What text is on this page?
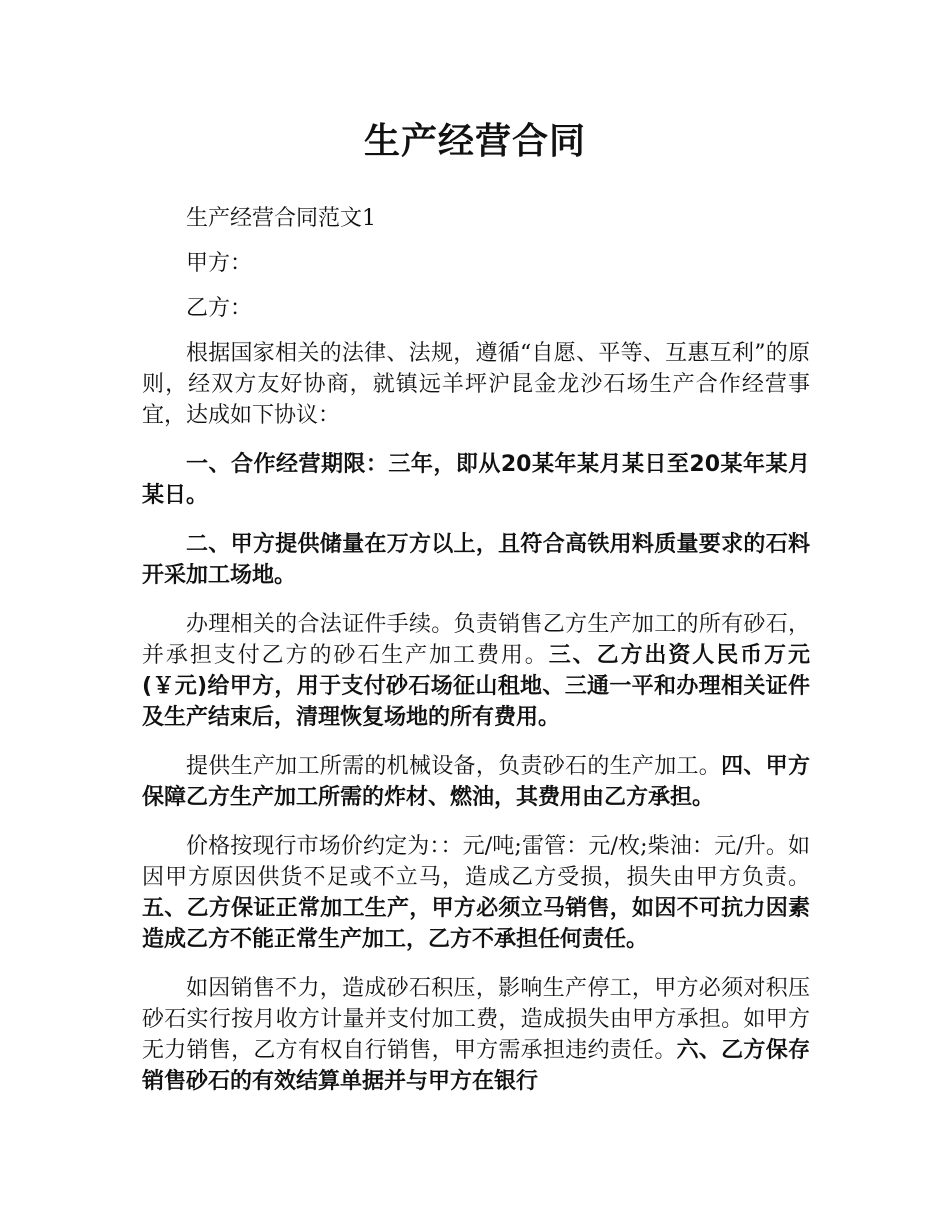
生产经营合同

生产经营合同范文1

甲方：

乙方：

根据国家相关的法律、法规，遵循“自愿、平等、互惠互利”的原则，经双方友好协商，就镇远羊坪沪昆金龙沙石场生产合作经营事宜，达成如下协议：

一、合作经营期限：三年，即从20某年某月某日至20某年某月某日。

二、甲方提供储量在万方以上，且符合高铁用料质量要求的石料开采加工场地。

办理相关的合法证件手续。负责销售乙方生产加工的所有砂石，并承担支付乙方的砂石生产加工费用。三、乙方出资人民币万元(￥元)给甲方，用于支付砂石场征山租地、三通一平和办理相关证件及生产结束后，清理恢复场地的所有费用。

提供生产加工所需的机械设备，负责砂石的生产加工。四、甲方保障乙方生产加工所需的炸材、燃油，其费用由乙方承担。

价格按现行市场价约定为：：元/吨;雷管：元/枚;柴油：元/升。如因甲方原因供货不足或不立马，造成乙方受损，损失由甲方负责。五、乙方保证正常加工生产，甲方必须立马销售，如因不可抗力因素造成乙方不能正常生产加工，乙方不承担任何责任。

如因销售不力，造成砂石积压，影响生产停工，甲方必须对积压砂石实行按月收方计量并支付加工费，造成损失由甲方承担。如甲方无力销售，乙方有权自行销售，甲方需承担违约责任。六、乙方保存销售砂石的有效结算单据并与甲方在银行
